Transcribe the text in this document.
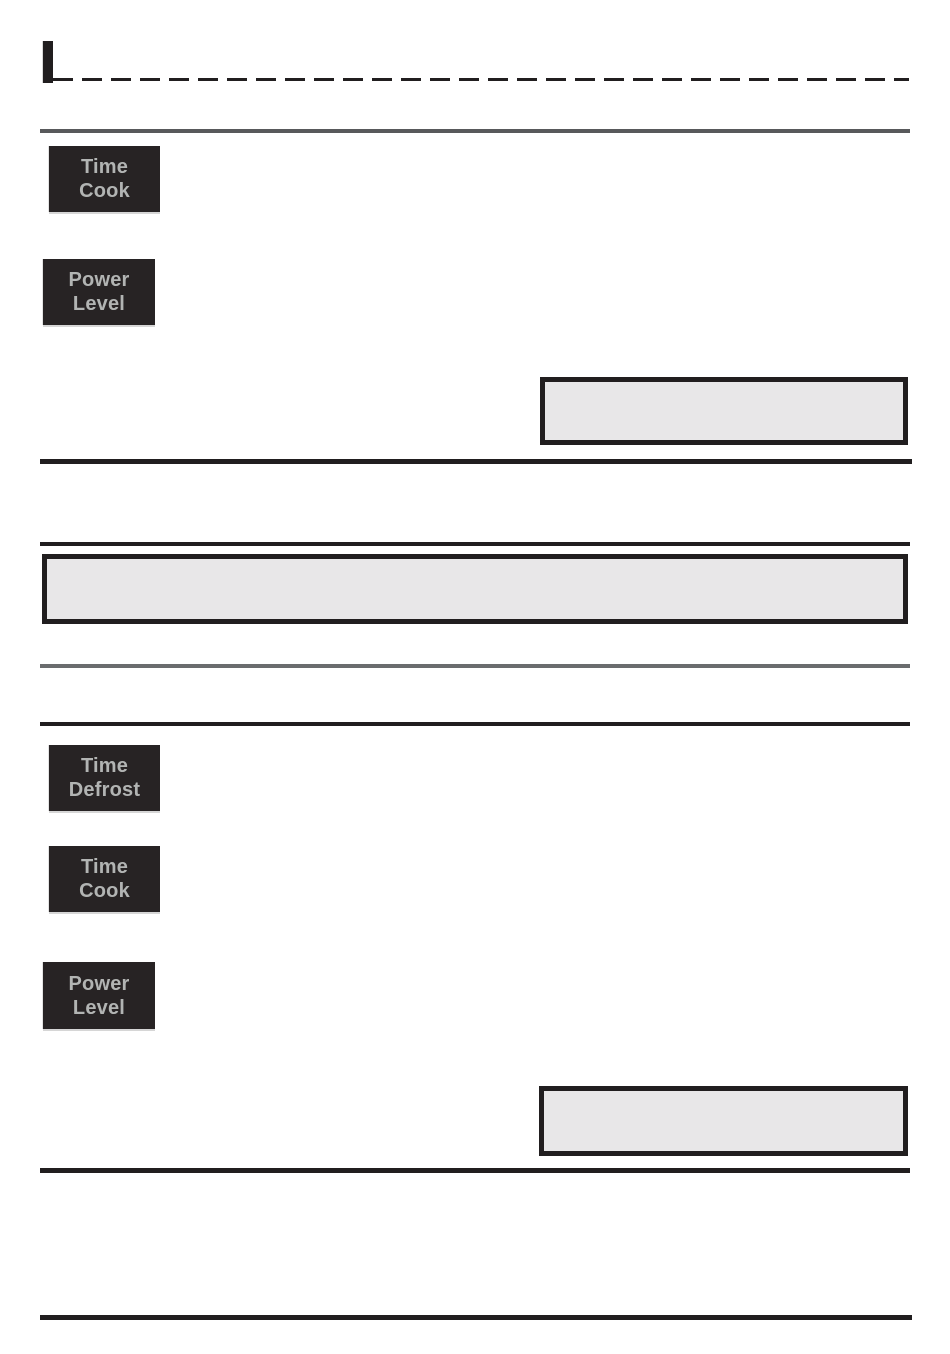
Time
Cook
Power
Level
Time
Defrost
Time
Cook
Power
Level
